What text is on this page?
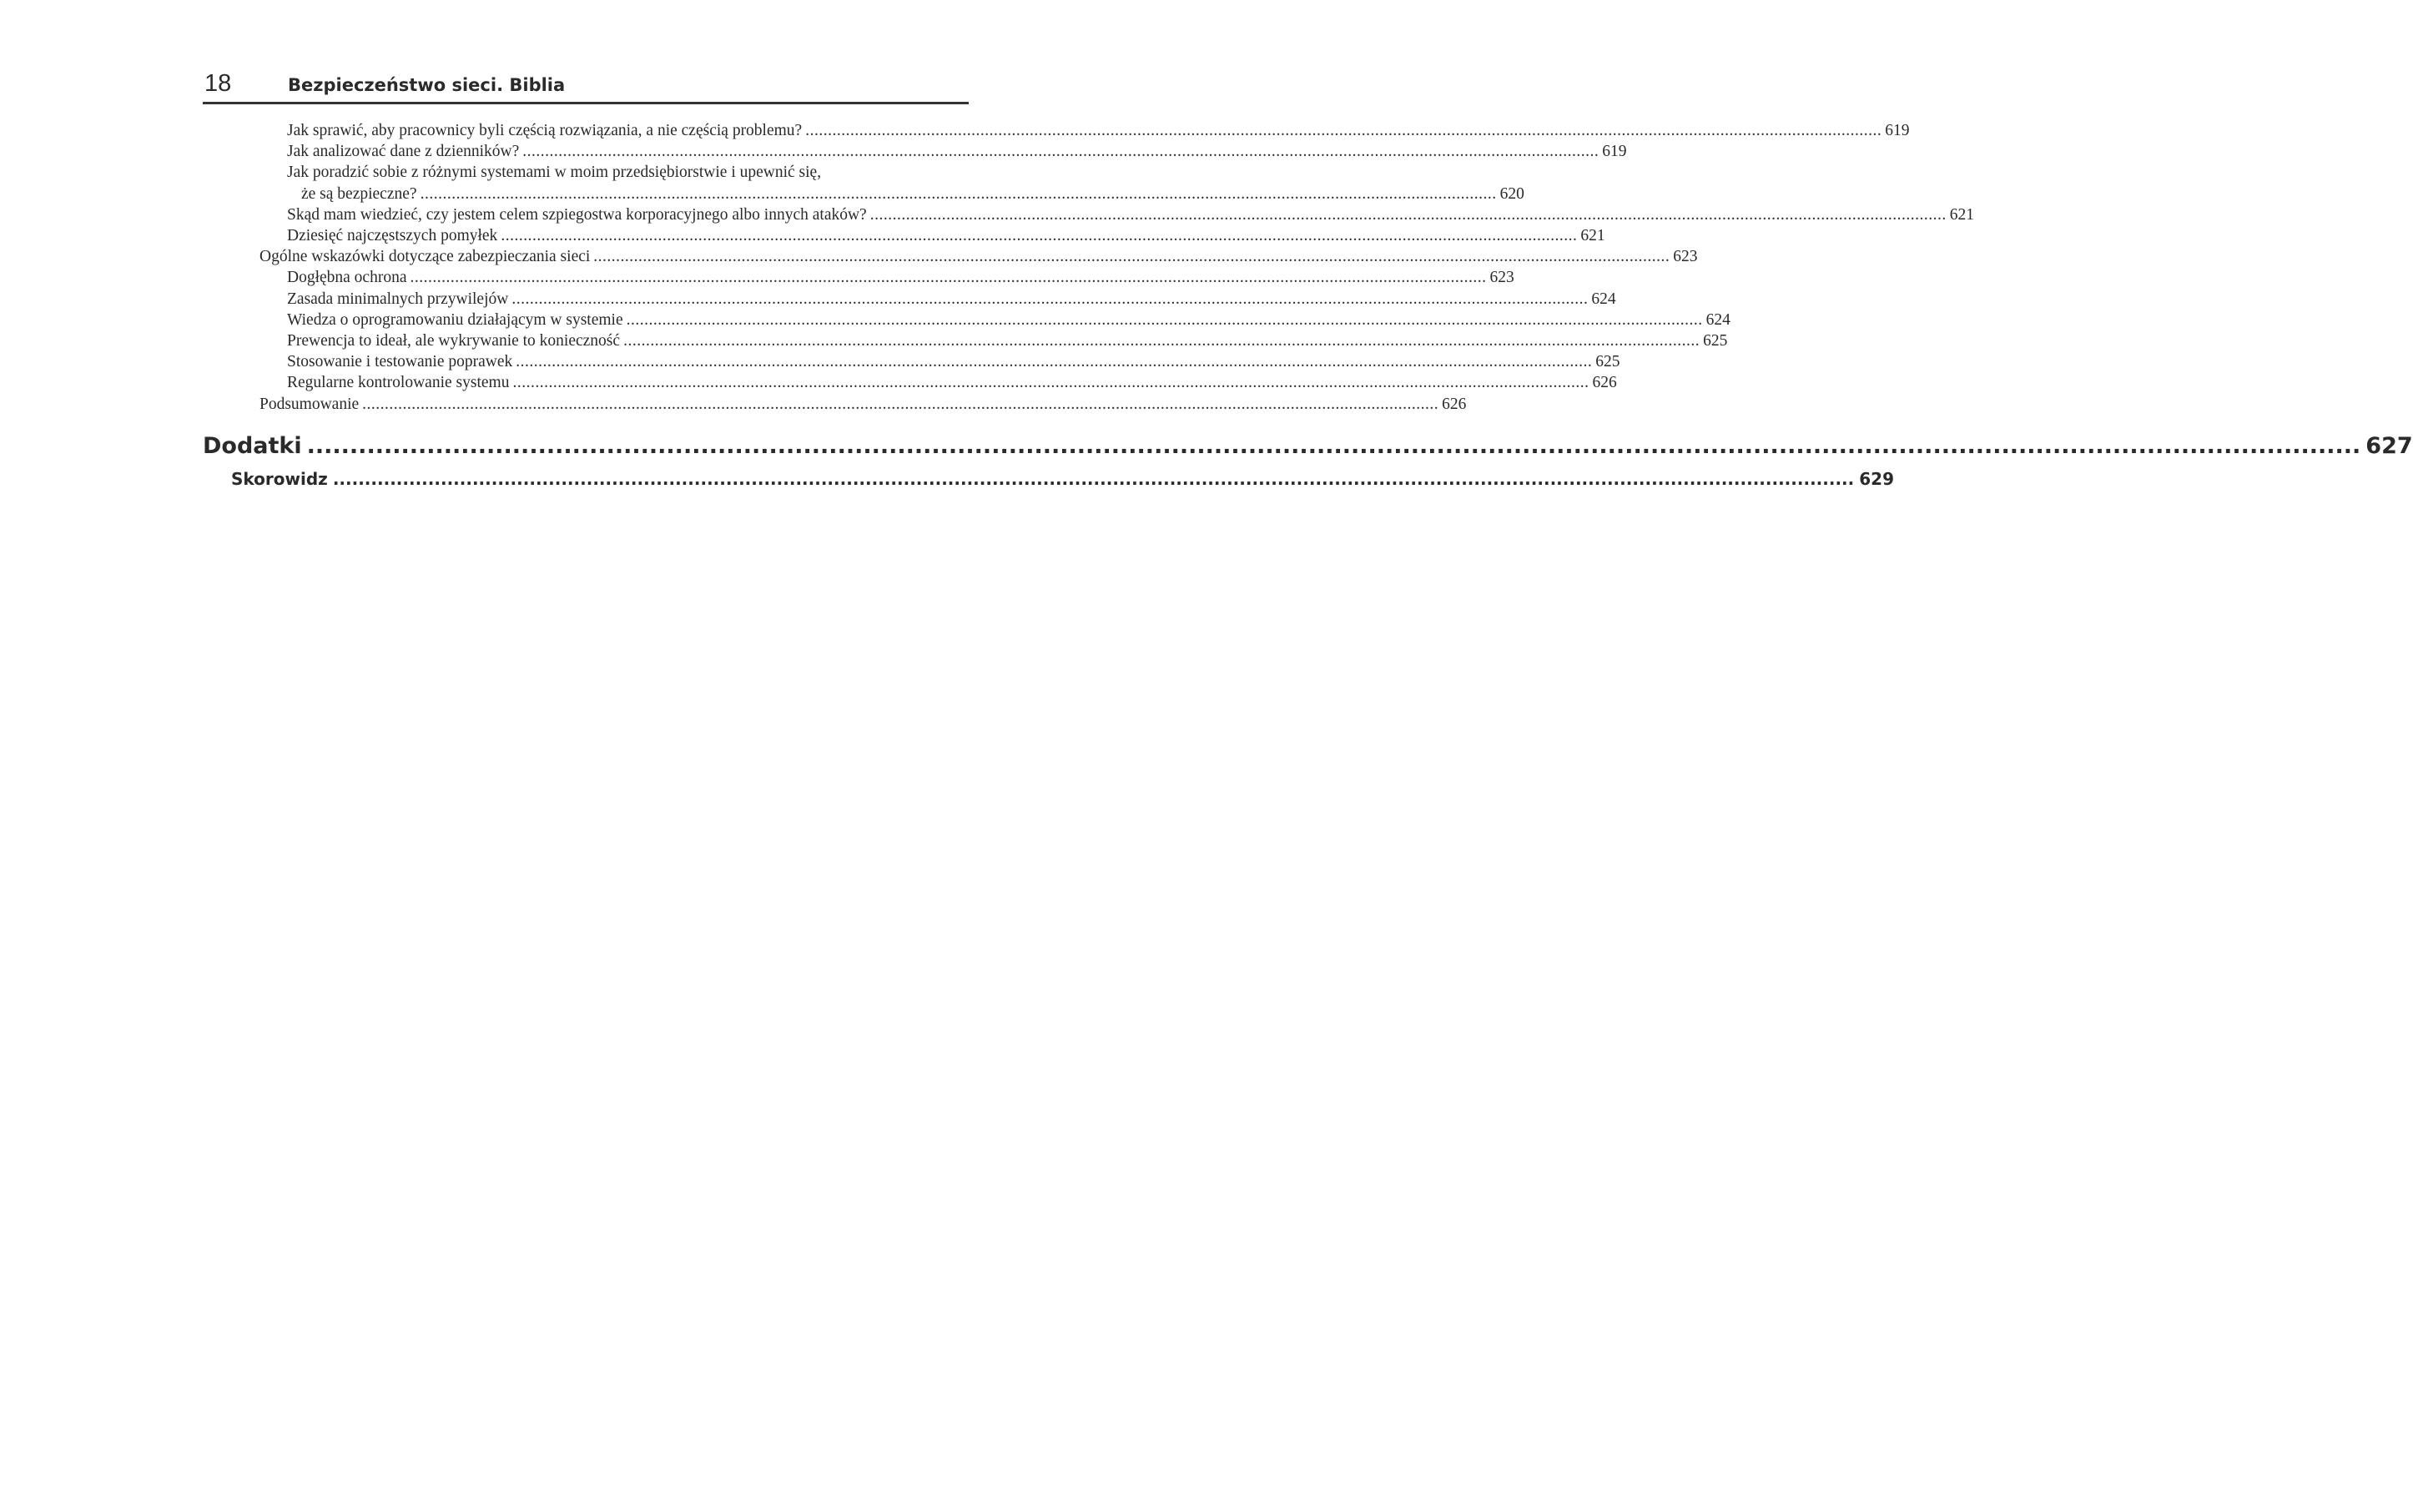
18	Bezpieczeństwo sieci. Biblia
Jak sprawić, aby pracownicy byli częścią rozwiązania, a nie częścią problemu? ................................................................................................................................................................................................................................................ 619
Jak analizować dane z dzienników? ................................................................................................................................................................................................................................................ 619
Jak poradzić sobie z różnymi systemami w moim przedsiębiorstwie i upewnić się,
że są bezpieczne? ................................................................................................................................................................................................................................................ 620
Skąd mam wiedzieć, czy jestem celem szpiegostwa korporacyjnego albo innych ataków? ................................................................................................................................................................................................................................................ 621
Dziesięć najczęstszych pomyłek ................................................................................................................................................................................................................................................ 621
Ogólne wskazówki dotyczące zabezpieczania sieci ................................................................................................................................................................................................................................................ 623
Dogłębna ochrona ................................................................................................................................................................................................................................................ 623
Zasada minimalnych przywilejów ................................................................................................................................................................................................................................................ 624
Wiedza o oprogramowaniu działającym w systemie ................................................................................................................................................................................................................................................ 624
Prewencja to ideał, ale wykrywanie to konieczność ................................................................................................................................................................................................................................................ 625
Stosowanie i testowanie poprawek ................................................................................................................................................................................................................................................ 625
Regularne kontrolowanie systemu ................................................................................................................................................................................................................................................ 626
Podsumowanie ................................................................................................................................................................................................................................................ 626
Dodatki ................................................................................................................................................................................................................................................ 627
Skorowidz ................................................................................................................................................................................................................................................ 629
